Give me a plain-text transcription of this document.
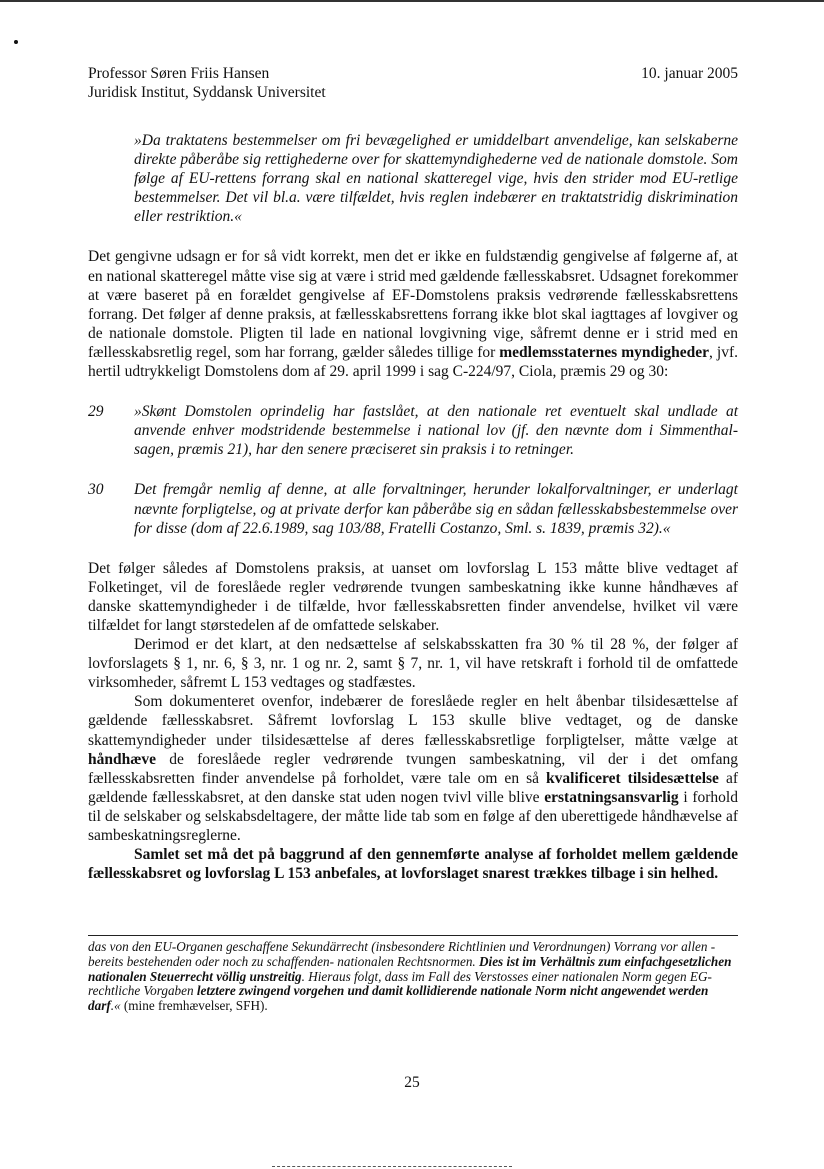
Professor Søren Friis Hansen
Juridisk Institut, Syddansk Universitet
10. januar 2005

»Da traktatens bestemmelser om fri bevægelighed er umiddelbart anvendelige, kan selskaberne direkte påberåbe sig rettighederne over for skattemyndighederne ved de nationale domstole. Som følge af EU-rettens forrang skal en national skatteregel vige, hvis den strider mod EU-retlige bestemmelser. Det vil bl.a. være tilfældet, hvis reglen indebærer en traktatstridig diskrimination eller restriktion.«

Det gengivne udsagn er for så vidt korrekt, men det er ikke en fuldstændig gengivelse af følgerne af, at en national skatteregel måtte vise sig at være i strid med gældende fællesskabsret. Udsagnet forekommer at være baseret på en forældet gengivelse af EF-Domstolens praksis vedrørende fællesskabsrettens forrang. Det følger af denne praksis, at fællesskabsrettens forrang ikke blot skal iagttages af lovgiver og de nationale domstole. Pligten til lade en national lovgivning vige, såfremt denne er i strid med en fællesskabsretlig regel, som har forrang, gælder således tillige for medlemsstaternes myndigheder, jvf. hertil udtrykkeligt Domstolens dom af 29. april 1999 i sag C-224/97, Ciola, præmis 29 og 30:

29	»Skønt Domstolen oprindelig har fastslået, at den nationale ret eventuelt skal undlade at anvende enhver modstridende bestemmelse i national lov (jf. den nævnte dom i Simmenthal-sagen, præmis 21), har den senere præciseret sin praksis i to retninger.
30	Det fremgår nemlig af denne, at alle forvaltninger, herunder lokalforvaltninger, er underlagt nævnte forpligtelse, og at private derfor kan påberåbe sig en sådan fællesskabsbestemmelse over for disse (dom af 22.6.1989, sag 103/88, Fratelli Costanzo, Sml. s. 1839, præmis 32).«

Det følger således af Domstolens praksis, at uanset om lovforslag L 153 måtte blive vedtaget af Folketinget, vil de foreslåede regler vedrørende tvungen sambeskatning ikke kunne håndhæves af danske skattemyndigheder i de tilfælde, hvor fællesskabsretten finder anvendelse, hvilket vil være tilfældet for langt størstedelen af de omfattede selskaber.

Derimod er det klart, at den nedsættelse af selskabsskatten fra 30 % til 28 %, der følger af lovforslagets § 1, nr. 6, § 3, nr. 1 og nr. 2, samt § 7, nr. 1, vil have retskraft i forhold til de omfattede virksomheder, såfremt L 153 vedtages og stadfæstes.

Som dokumenteret ovenfor, indebærer de foreslåede regler en helt åbenbar tilsidesættelse af gældende fællesskabsret. Såfremt lovforslag L 153 skulle blive vedtaget, og de danske skattemyndigheder under tilsidesættelse af deres fællesskabsretlige forpligtelser, måtte vælge at håndhæve de foreslåede regler vedrørende tvungen sambeskatning, vil der i det omfang fællesskabsretten finder anvendelse på forholdet, være tale om en så kvalificeret tilsidesættelse af gældende fællesskabsret, at den danske stat uden nogen tvivl ville blive erstatningsansvarlig i forhold til de selskaber og selskabsdeltagere, der måtte lide tab som en følge af den uberettigede håndhævelse af sambeskatningsreglerne.

Samlet set må det på baggrund af den gennemførte analyse af forholdet mellem gældende fællesskabsret og lovforslag L 153 anbefales, at lovforslaget snarest trækkes tilbage i sin helhed.

das von den EU-Organen geschaffene Sekundärrecht (insbesondere Richtlinien und Verordnungen) Vorrang vor allen - bereits bestehenden oder noch zu schaffenden- nationalen Rechtsnormen. Dies ist im Verhältnis zum einfachgesetzlichen nationalen Steuerrecht völlig unstreitig. Hieraus folgt, dass im Fall des Verstosses einer nationalen Norm gegen EG-rechtliche Vorgaben letztere zwingend vorgehen und damit kollidierende nationale Norm nicht angewendet werden darf.« (mine fremhævelser, SFH).
25
